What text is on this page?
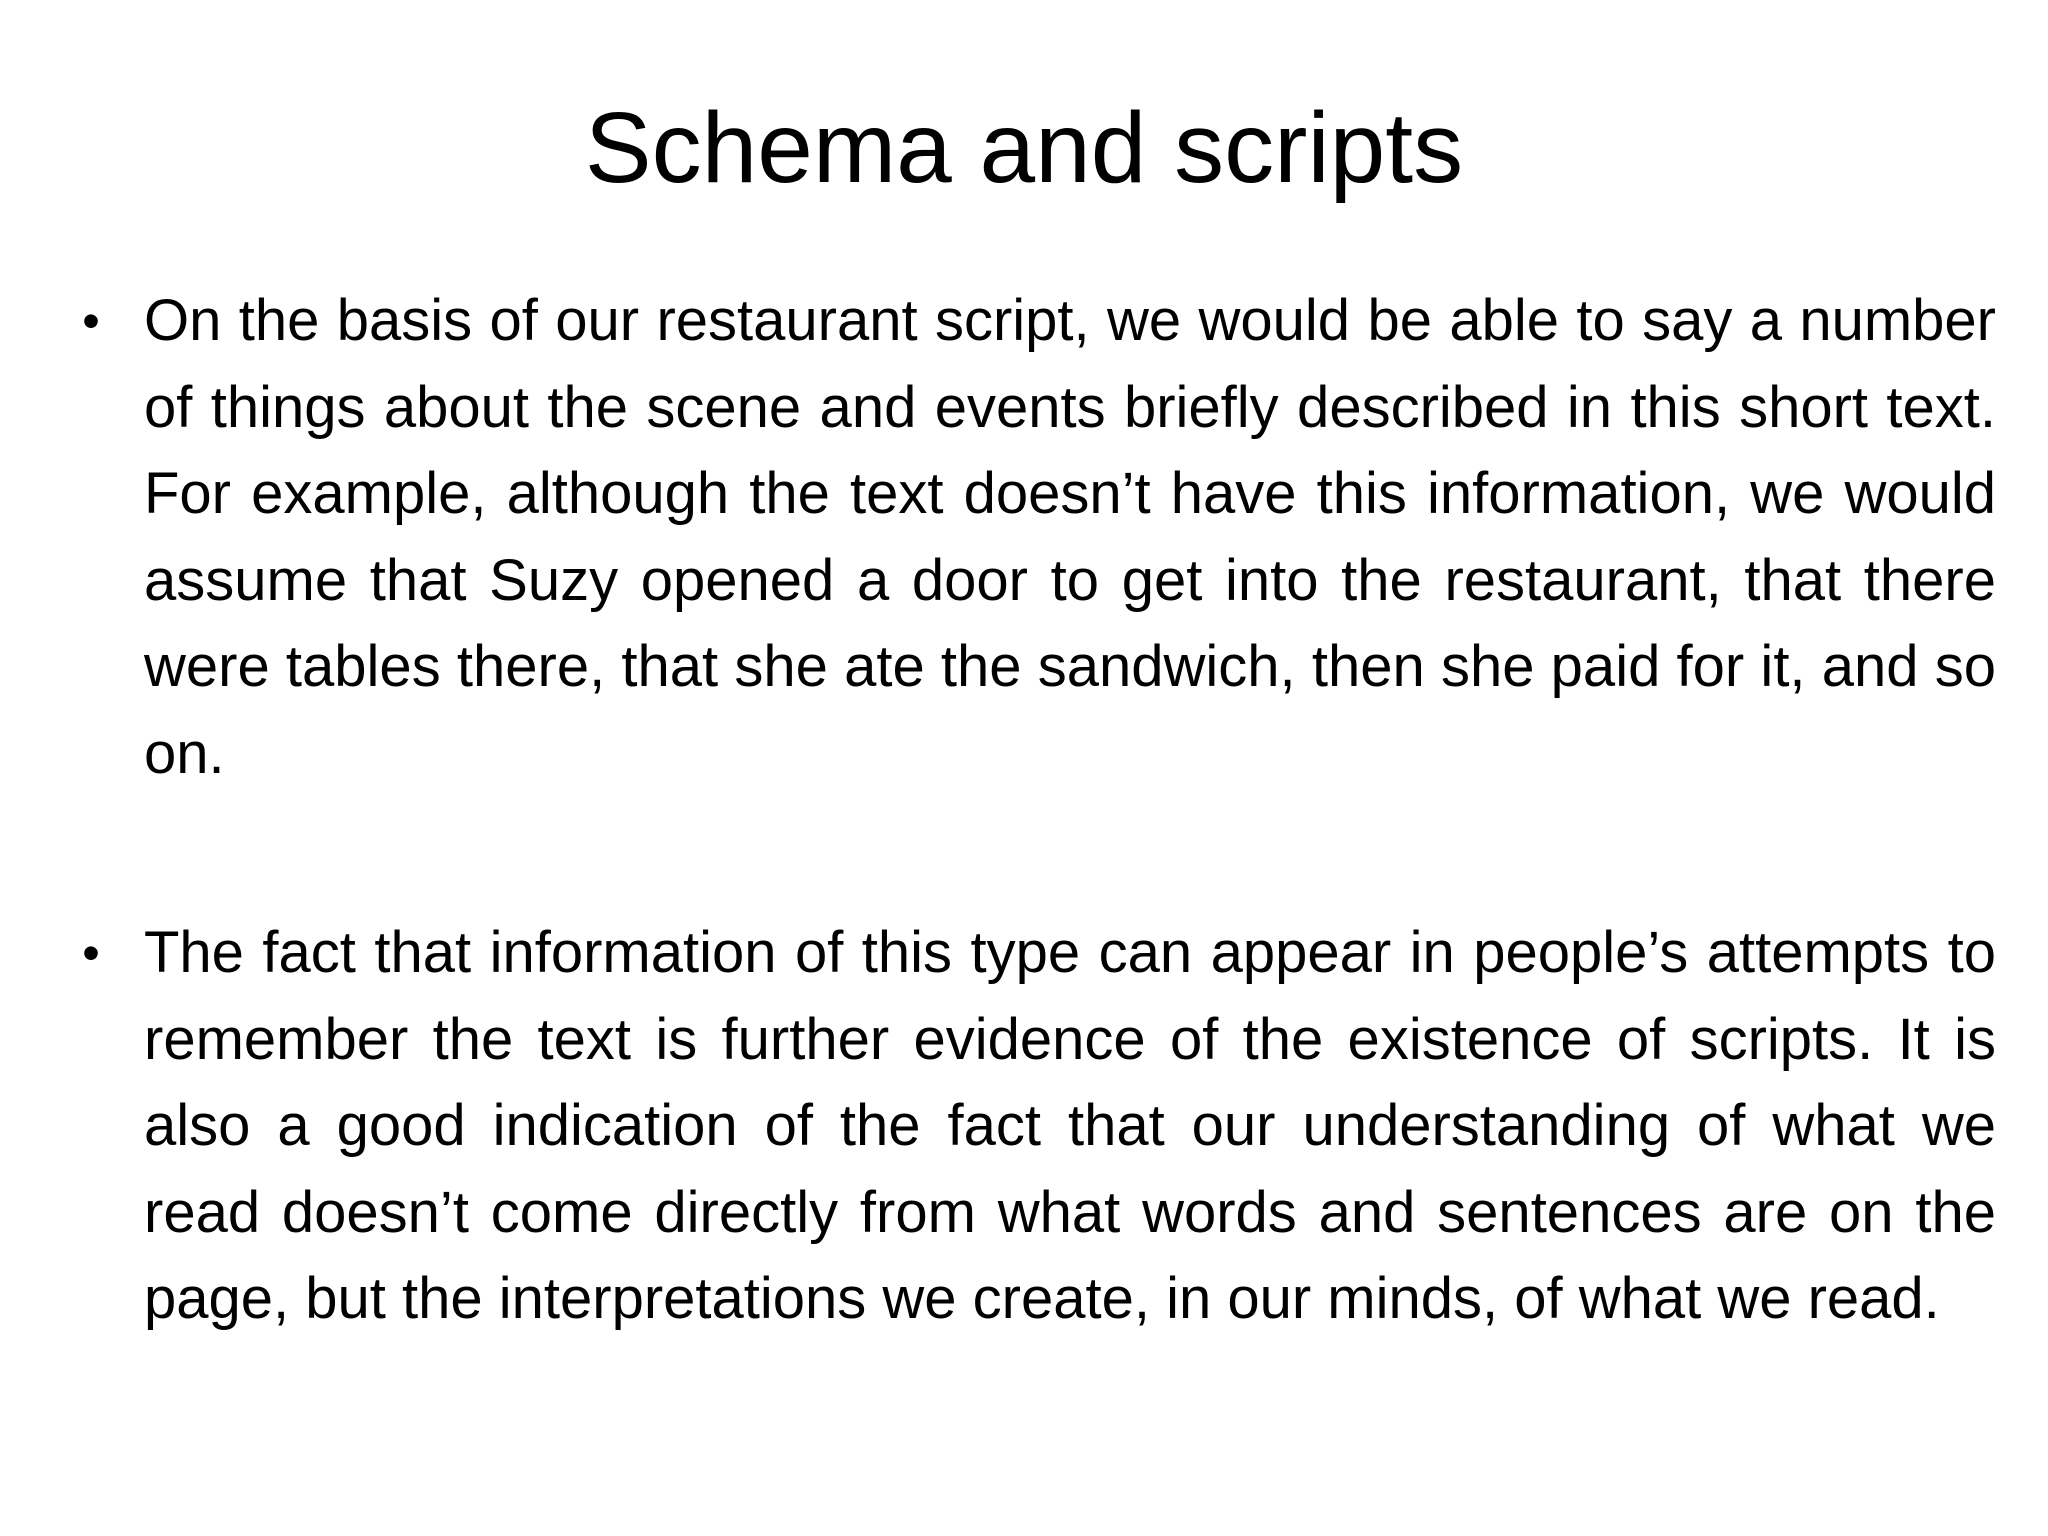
Schema and scripts
• On the basis of our restaurant script, we would be able to say a number of things about the scene and events briefly described in this short text. For example, although the text doesn’t have this information, we would assume that Suzy opened a door to get into the restaurant, that there were tables there, that she ate the sandwich, then she paid for it, and so on.
• The fact that information of this type can appear in people’s attempts to remember the text is further evidence of the existence of scripts. It is also a good indication of the fact that our understanding of what we read doesn’t come directly from what words and sentences are on the page, but the interpretations we create, in our minds, of what we read.
